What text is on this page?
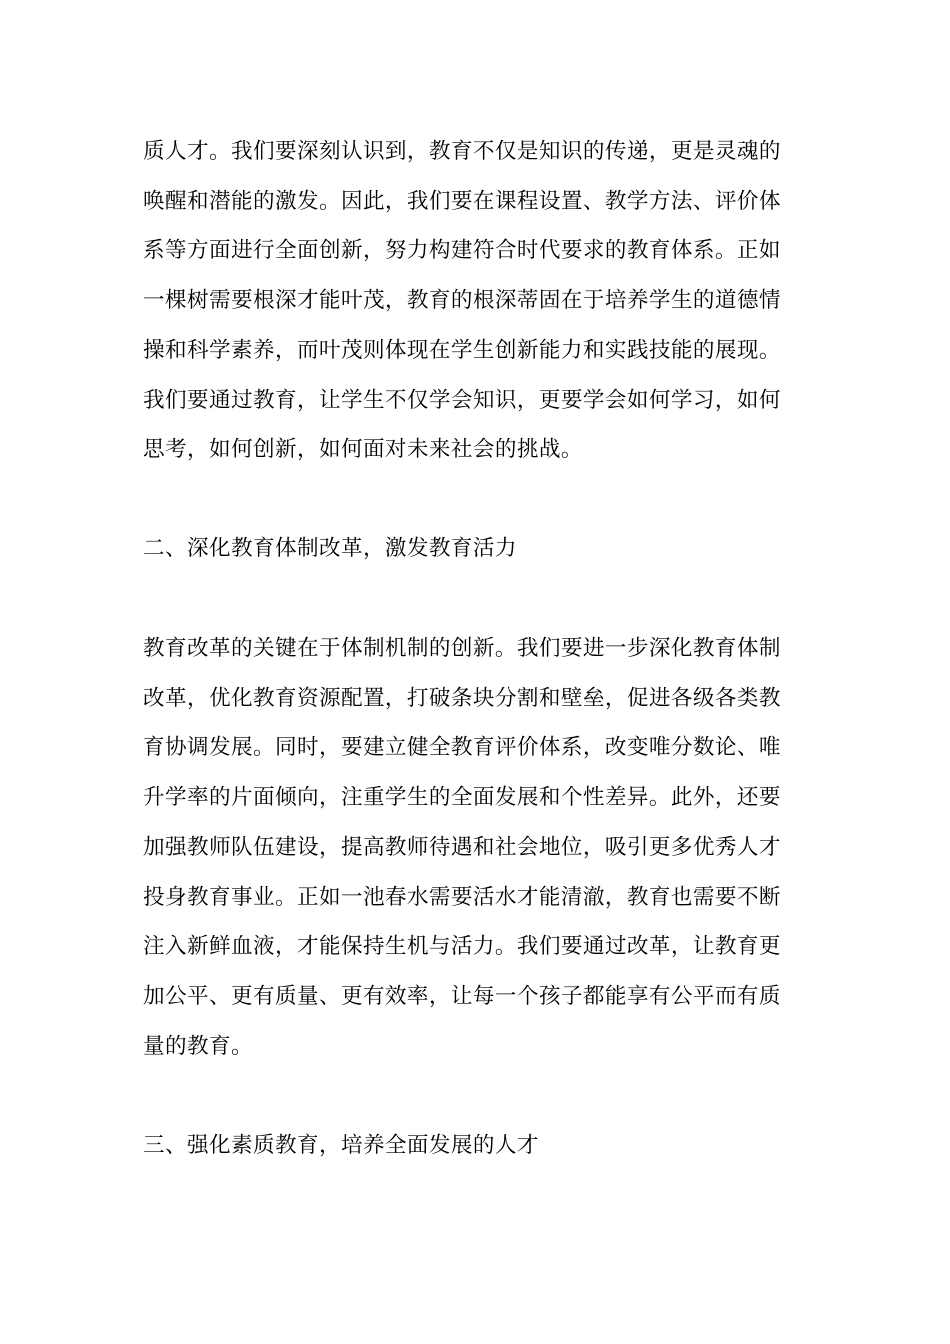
质人才。我们要深刻认识到，教育不仅是知识的传递，更是灵魂的
唤醒和潜能的激发。因此，我们要在课程设置、教学方法、评价体
系等方面进行全面创新，努力构建符合时代要求的教育体系。正如
一棵树需要根深才能叶茂，教育的根深蒂固在于培养学生的道德情
操和科学素养，而叶茂则体现在学生创新能力和实践技能的展现。
我们要通过教育，让学生不仅学会知识，更要学会如何学习，如何
思考，如何创新，如何面对未来社会的挑战。
二、深化教育体制改革，激发教育活力
教育改革的关键在于体制机制的创新。我们要进一步深化教育体制
改革，优化教育资源配置，打破条块分割和壁垒，促进各级各类教
育协调发展。同时，要建立健全教育评价体系，改变唯分数论、唯
升学率的片面倾向，注重学生的全面发展和个性差异。此外，还要
加强教师队伍建设，提高教师待遇和社会地位，吸引更多优秀人才
投身教育事业。正如一池春水需要活水才能清澈，教育也需要不断
注入新鲜血液，才能保持生机与活力。我们要通过改革，让教育更
加公平、更有质量、更有效率，让每一个孩子都能享有公平而有质
量的教育。
三、强化素质教育，培养全面发展的人才
